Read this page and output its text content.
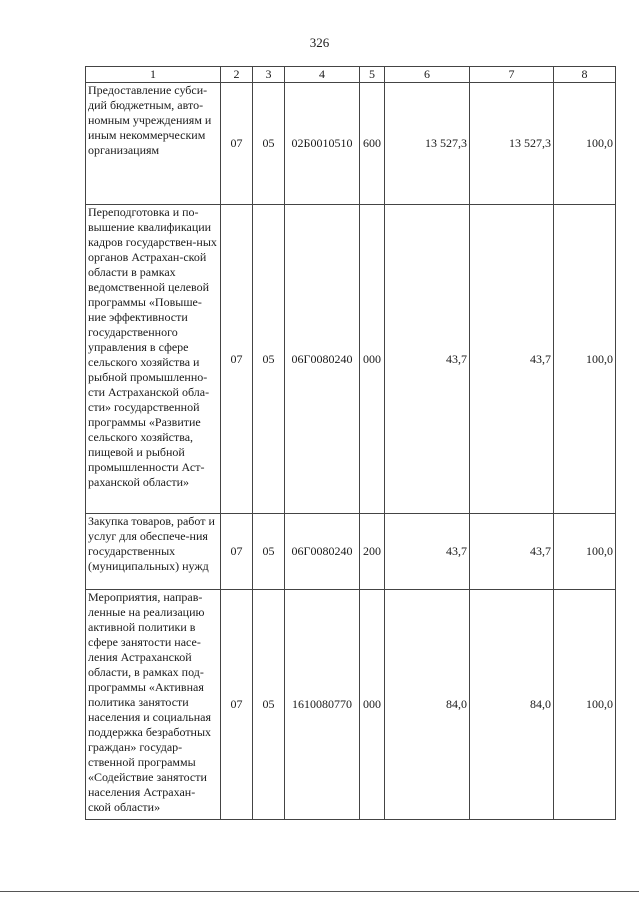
326
1	2	3	4	5	6	7	8
Предоставление субси-дий бюджетным, авто-номным учреждениям и иным некоммерческим организациям	07	05	02Б0010510	600	13 527,3	13 527,3	100,0
Переподготовка и по-вышение квалификации кадров государствен-ных органов Астрахан-ской области в рамках ведомственной целевой программы «Повыше-ние эффективности государственного управления в сфере сельского хозяйства и рыбной промышленно-сти Астраханской обла-сти» государственной программы «Развитие сельского хозяйства, пищевой и рыбной промышленности Аст-раханской области»	07	05	06Г0080240	000	43,7	43,7	100,0
Закупка товаров, работ и услуг для обеспече-ния государственных (муниципальных) нужд	07	05	06Г0080240	200	43,7	43,7	100,0
Мероприятия, направ-ленные на реализацию активной политики в сфере занятости насе-ления Астраханской области, в рамках под-программы «Активная политика занятости населения и социальная поддержка безработных граждан» государ-ственной программы «Содействие занятости населения Астрахан-ской области»	07	05	1610080770	000	84,0	84,0	100,0
